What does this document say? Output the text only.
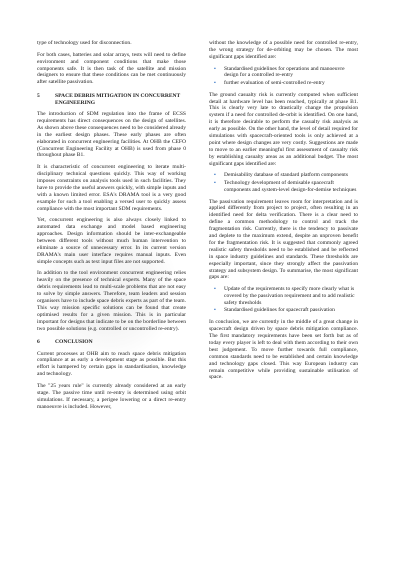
type of technology used for disconnection.

For both cases, batteries and solar arrays, tests will need to define environment and component conditions that make those components safe. It is then task of the satellite and mission designers to ensure that these conditions can be met continuously after satellite passivation.

5	SPACE DEBRIS MITIGATION IN CONCURRENT ENGINEERING

The introduction of SDM regulation into the frame of ECSS requirements has direct consequences on the design of satellites. As shown above these consequences need to be considered already in the earliest design phases. These early phases are often elaborated in concurrent engineering facilities. At OHB the CEFO (Concurrent Engineering Facility at OHB) is used from phase 0 throughout phase B1.

It is characteristic of concurrent engineering to iterate multi-disciplinary technical questions quickly. This way of working imposes constraints on analysis tools used in such facilities. They have to provide the useful answers quickly, with simple inputs and with a known limited error. ESA's DRAMA tool is a very good example for such a tool enabling a versed user to quickly assess compliance with the most important SDM requirements.

Yet, concurrent engineering is also always closely linked to automated data exchange and model based engineering approaches. Design information should be inter-exchangeable between different tools without much human intervention to eliminate a source of unnecessary error. In its current version DRAMA's main user interface requires manual inputs. Even simple concepts such as text input files are not supported.

In addition to the tool environment concurrent engineering relies heavily on the presence of technical experts. Many of the space debris requirements lead to multi-scale problems that are not easy to solve by simple answers. Therefore, team leaders and session organisers have to include space debris experts as part of the team. This way mission specific solutions can be found that create optimised results for a given mission. This is in particular important for designs that indicate to be on the borderline between two possible solutions (e.g. controlled or uncontrolled re-entry).

6	CONCLUSION

Current processes at OHB aim to reach space debris mitigation compliance at as early a development stage as possible. But this effort is hampered by certain gaps in standardisation, knowledge and technology.

The "25 years rule" is currently already considered at an early stage. The passive time until re-entry is determined using orbit simulations. If necessary, a perigee lowering or a direct re-entry manoeuvre is included. However,

without the knowledge of a possible need for controlled re-entry, the wrong strategy for de-orbiting may be chosen. The most significant gaps identified are:

▪ Standardised guidelines for operations and manoeuvre design for a controlled re-entry
▪ further evaluation of semi-controlled re-entry

The ground casualty risk is currently computed when sufficient detail at hardware level has been reached, typically at phase B1. This is clearly very late to drastically change the propulsion system if a need for controlled de-orbit is identified. On one hand, it is therefore desirable to perform the casualty risk analysis as early as possible. On the other hand, the level of detail required for simulations with spacecraft-oriented tools is only achieved at a point where design changes are very costly. Suggestions are made to move to an earlier meaningful first assessment of casualty risk by establishing casualty areas as an additional budget. The most significant gaps identified are:

▪ Demisability database of standard platform components
▪ Technology development of demisable spacecraft components and system-level design-for-demise techniques

The passivation requirement leaves room for interpretation and is applied differently from project to project, often resulting in an identified need for delta verification. There is a clear need to define a common methodology to control and track the fragmentation risk. Currently, there is the tendency to passivate and deplete to the maximum extend, despite an unproven benefit for the fragmentation risk. It is suggested that commonly agreed realistic safety thresholds need to be established and be reflected in space industry guidelines and standards. These thresholds are especially important, since they strongly affect the passivation strategy and subsystem design. To summarise, the most significant gaps are:

▪ Update of the requirements to specify more clearly what is covered by the passivation requirement and to add realistic safety thresholds
▪ Standardised guidelines for spacecraft passivation

In conclusion, we are currently in the middle of a great change in spacecraft design driven by space debris mitigation compliance. The first mandatory requirements have been set forth but as of today every player is left to deal with them according to their own best judgement. To move further towards full compliance, common standards need to be established and certain knowledge and technology gaps closed. This way European industry can remain competitive while providing sustainable utilisation of space.
